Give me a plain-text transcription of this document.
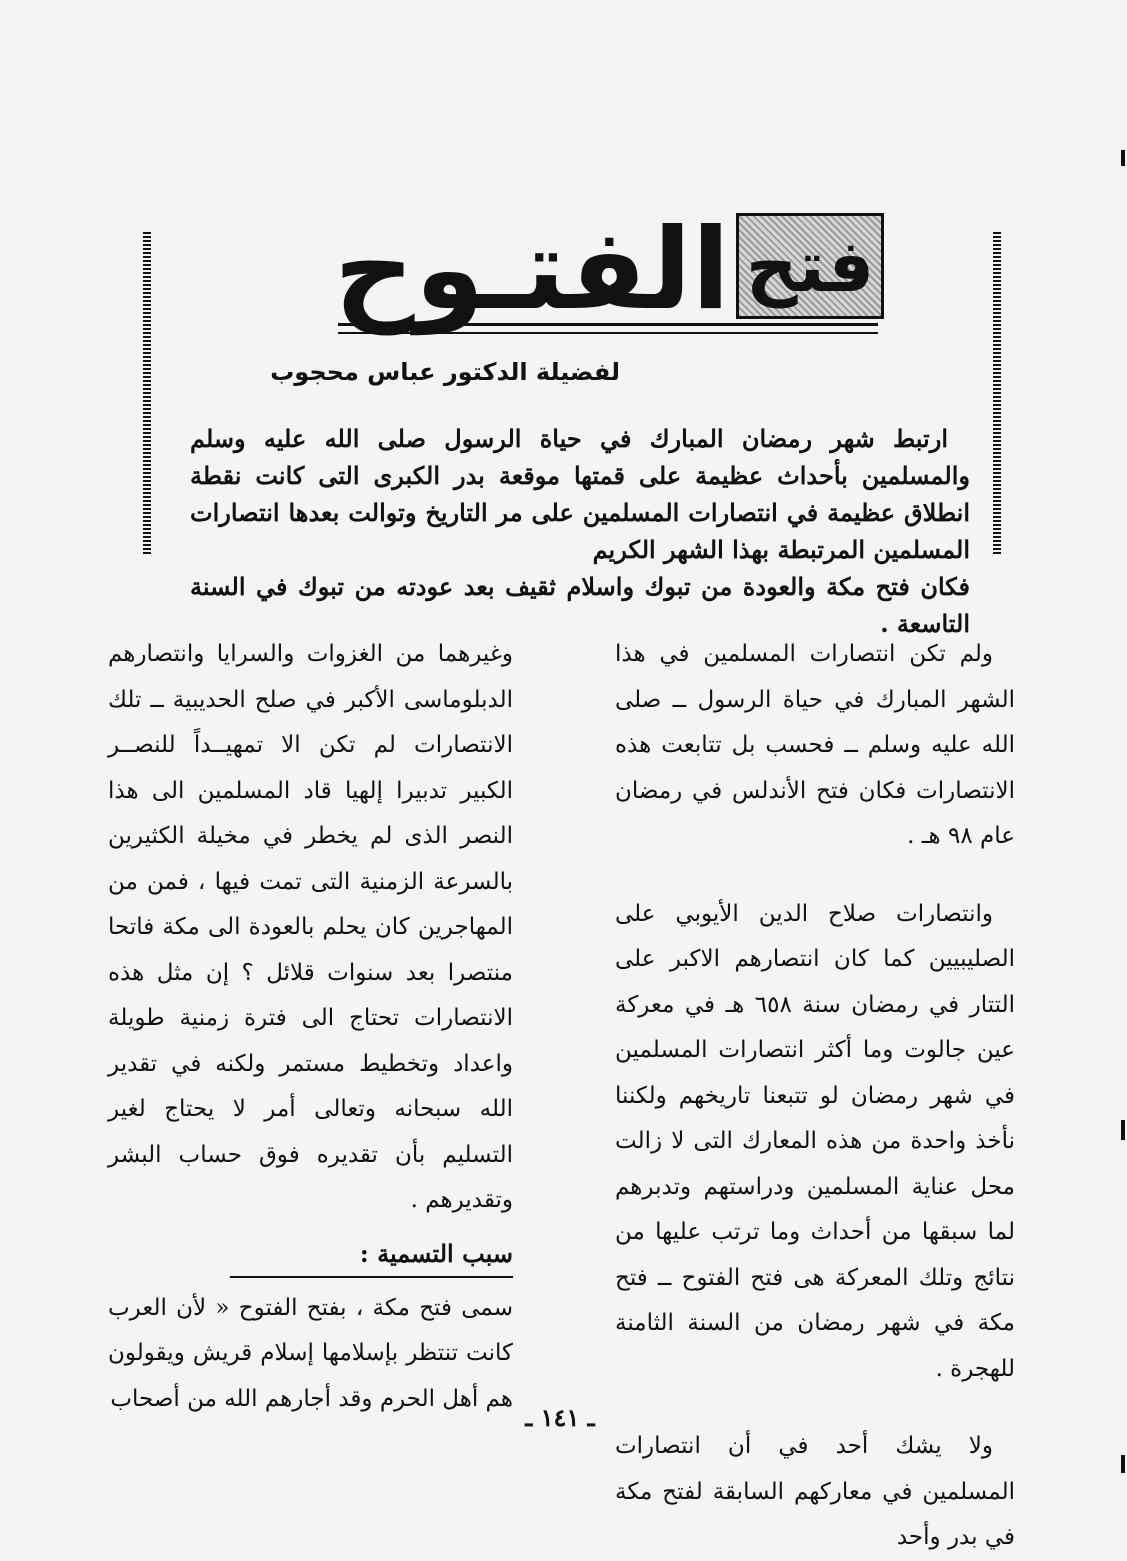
فتح
الفتـوح
لفضيلة الدكتور عباس محجوب

ارتبط شهر رمضان المبارك في حياة الرسول صلى الله عليه وسلم والمسلمين بأحداث عظيمة على قمتها موقعة بدر الكبرى التى كانت نقطة انطلاق عظيمة في انتصارات المسلمين على مر التاريخ وتوالت بعدها انتصارات المسلمين المرتبطة بهذا الشهر الكريم

فكان فتح مكة والعودة من تبوك واسلام ثقيف بعد عودته من تبوك في السنة التاسعة .

ولم تكن انتصارات المسلمين في هذا الشهر المبارك في حياة الرسول ــ صلى الله عليه وسلم ــ فحسب بل تتابعت هذه الانتصارات فكان فتح الأندلس في رمضان عام ٩٨ هـ .

وانتصارات صلاح الدين الأيوبي على الصليبيين كما كان انتصارهم الاكبر على التتار في رمضان سنة ٦٥٨ هـ في معركة عين جالوت وما أكثر انتصارات المسلمين في شهر رمضان لو تتبعنا تاريخهم ولكننا نأخذ واحدة من هذه المعارك التى لا زالت محل عناية المسلمين ودراستهم وتدبرهم لما سبقها من أحداث وما ترتب عليها من نتائج وتلك المعركة هى فتح الفتوح ــ فتح مكة في شهر رمضان من السنة الثامنة للهجرة .

ولا يشك أحد في أن انتصارات المسلمين في معاركهم السابقة لفتح مكة في بدر وأحد

وغيرهما من الغزوات والسرايا وانتصارهم الدبلوماسى الأكبر في صلح الحديبية ــ تلك الانتصارات لم تكن الا تمهيــداً للنصــر الكبير تدبيرا إلهيا قاد المسلمين الى هذا النصر الذى لم يخطر في مخيلة الكثيرين بالسرعة الزمنية التى تمت فيها ، فمن من المهاجرين كان يحلم بالعودة الى مكة فاتحا منتصرا بعد سنوات قلائل ؟ إن مثل هذه الانتصارات تحتاج الى فترة زمنية طويلة واعداد وتخطيط مستمر ولكنه في تقدير الله سبحانه وتعالى أمر لا يحتاج لغير التسليم بأن تقديره فوق حساب البشر وتقديرهم .

سبب التسمية :

سمى فتح مكة ، بفتح الفتوح « لأن العرب كانت تنتظر بإسلامها إسلام قريش ويقولون هم أهل الحرم وقد أجارهم الله من أصحاب

ـ ١٤١ ـ
